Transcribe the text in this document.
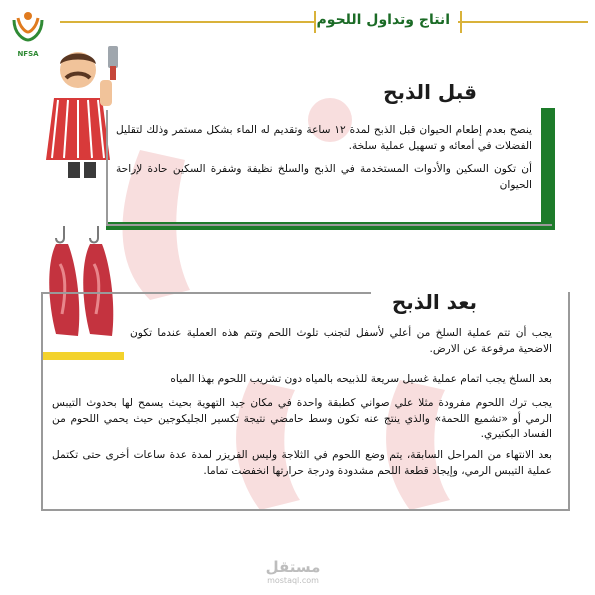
NFSA
انتاج وتداول اللحوم
قبل الذبح
ينصح بعدم إطعام الحيوان قبل الذبح لمدة ١٢ ساعة وتقديم له الماء بشكل مستمر وذلك لتقليل الفضلات في أمعائه و تسهيل عملية سلخة.
أن تكون السكين والأدوات المستخدمة في الذبح والسلخ نظيفة وشفرة السكين حادة لإراحة الحيوان
بعد الذبح
يجب أن تتم عملية السلخ من أعلي لأسفل لتجنب تلوث اللحم وتتم هذه العملية عندما تكون الاضحية مرفوعة عن الارض.
بعد السلخ يجب اتمام عملية غسيل سريعة للذبيحه بالمياه دون تشريب اللحوم بهذا المياه
يجب ترك اللحوم مفرودة مثلا علي صواني كطبقة واحدة في مكان جيد التهوية بحيث يسمح لها بحدوث التيبس الرمي أو «تشميع اللحمة» والذي ينتج عنه تكون وسط حامضي نتيجة تكسير الجليكوجين حيث يحمي اللحوم من الفساد البكتيري.
بعد الانتهاء من المراحل السابقة، يتم وضع اللحوم في الثلاجة وليس الفريزر لمدة عدة ساعات أخرى حتى تكتمل عملية التيبس الرمي، وإيجاد قطعة اللحم مشدودة ودرجة حرارتها انخفضت تماما.
مستقل
mostaql.com
